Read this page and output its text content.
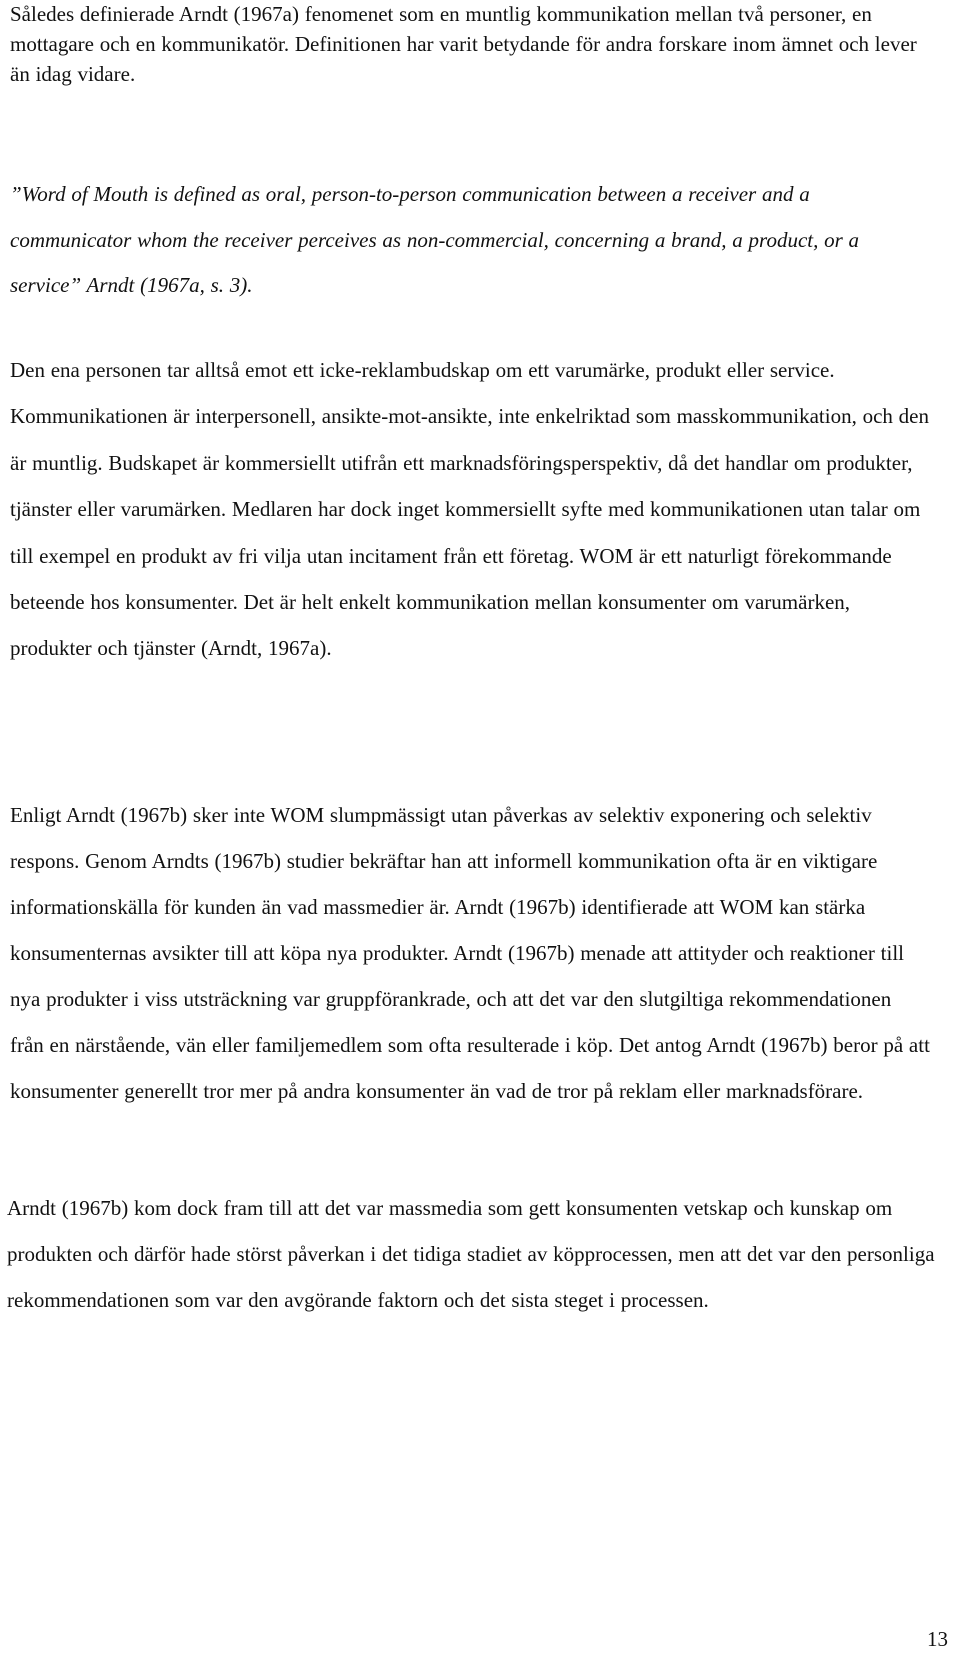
Således definierade Arndt (1967a) fenomenet som en muntlig kommunikation mellan två personer, en mottagare och en kommunikatör. Definitionen har varit betydande för andra forskare inom ämnet och lever än idag vidare.

”Word of Mouth is defined as oral, person-to-person communication between a receiver and a communicator whom the receiver perceives as non-commercial, concerning a brand, a product, or a service” Arndt (1967a, s. 3).

Den ena personen tar alltså emot ett icke-reklambudskap om ett varumärke, produkt eller service. Kommunikationen är interpersonell, ansikte-mot-ansikte, inte enkelriktad som masskommunikation, och den är muntlig. Budskapet är kommersiellt utifrån ett marknadsföringsperspektiv, då det handlar om produkter, tjänster eller varumärken. Medlaren har dock inget kommersiellt syfte med kommunikationen utan talar om till exempel en produkt av fri vilja utan incitament från ett företag. WOM är ett naturligt förekommande beteende hos konsumenter. Det är helt enkelt kommunikation mellan konsumenter om varumärken, produkter och tjänster (Arndt, 1967a).

Enligt Arndt (1967b) sker inte WOM slumpmässigt utan påverkas av selektiv exponering och selektiv respons. Genom Arndts (1967b) studier bekräftar han att informell kommunikation ofta är en viktigare informationskälla för kunden än vad massmedier är. Arndt (1967b) identifierade att WOM kan stärka konsumenternas avsikter till att köpa nya produkter. Arndt (1967b) menade att attityder och reaktioner till nya produkter i viss utsträckning var gruppförankrade, och att det var den slutgiltiga rekommendationen från en närstående, vän eller familjemedlem som ofta resulterade i köp. Det antog Arndt (1967b) beror på att konsumenter generellt tror mer på andra konsumenter än vad de tror på reklam eller marknadsförare.

Arndt (1967b) kom dock fram till att det var massmedia som gett konsumenten vetskap och kunskap om produkten och därför hade störst påverkan i det tidiga stadiet av köpprocessen, men att det var den personliga rekommendationen som var den avgörande faktorn och det sista steget i processen.

13
